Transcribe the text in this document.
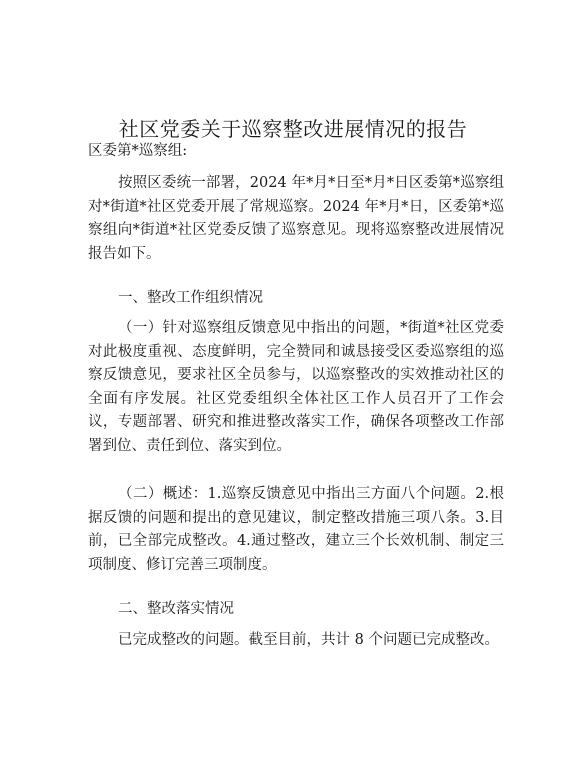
社区党委关于巡察整改进展情况的报告

区委第*巡察组:

按照区委统一部署，2024 年*月*日至*月*日区委第*巡察组对*街道*社区党委开展了常规巡察。2024 年*月*日，区委第*巡察组向*街道*社区党委反馈了巡察意见。现将巡察整改进展情况报告如下。

一、整改工作组织情况

（一）针对巡察组反馈意见中指出的问题，*街道*社区党委对此极度重视、态度鲜明，完全赞同和诚恳接受区委巡察组的巡察反馈意见，要求社区全员参与，以巡察整改的实效推动社区的全面有序发展。社区党委组织全体社区工作人员召开了工作会议，专题部署、研究和推进整改落实工作，确保各项整改工作部署到位、责任到位、落实到位。

（二）概述：1.巡察反馈意见中指出三方面八个问题。2.根据反馈的问题和提出的意见建议，制定整改措施三项八条。3.目前，已全部完成整改。4.通过整改，建立三个长效机制、制定三项制度、修订完善三项制度。

二、整改落实情况

已完成整改的问题。截至目前，共计 8 个问题已完成整改。
